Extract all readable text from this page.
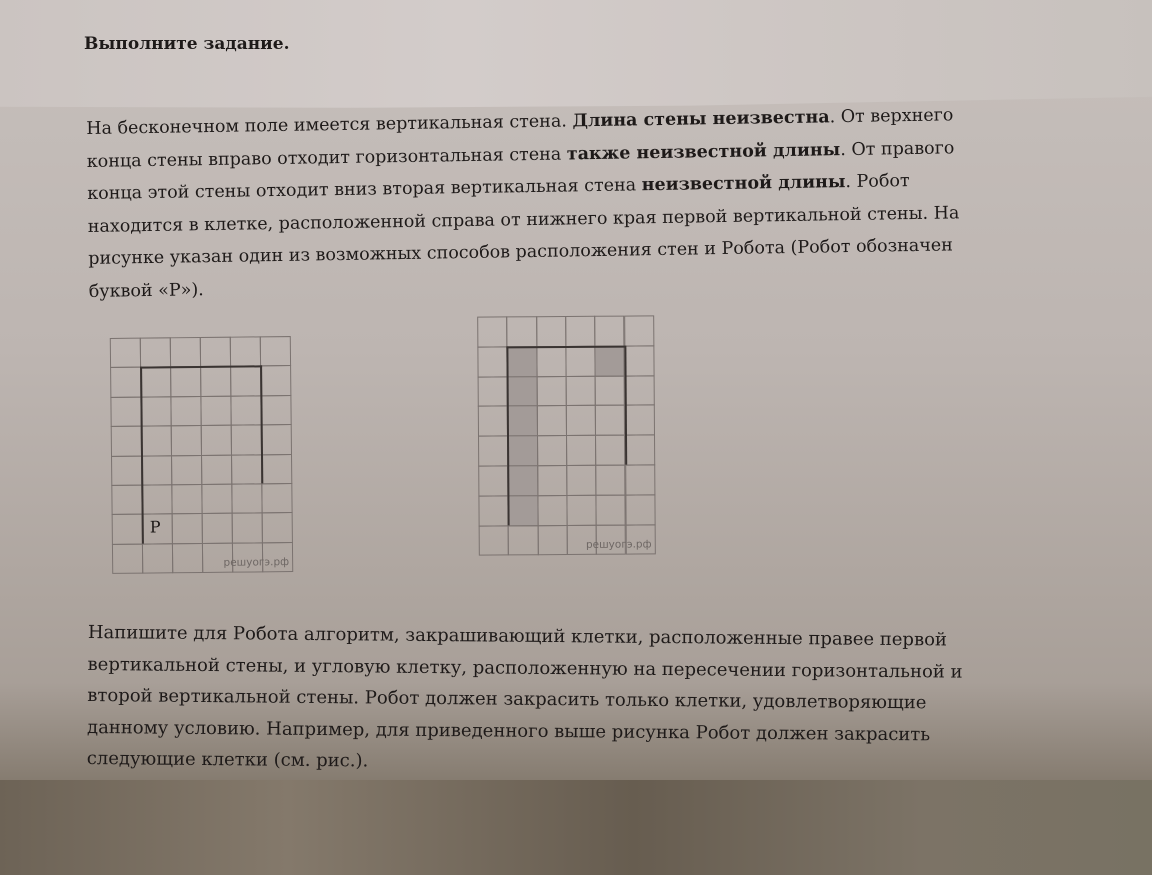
Выполните задание.
На бесконечном поле имеется вертикальная стена. Длина стены неизвестна. От верхнего
конца стены вправо отходит горизонтальная стена также неизвестной длины. От правого
конца этой стены отходит вниз вторая вертикальная стена неизвестной длины. Робот
находится в клетке, расположенной справа от нижнего края первой вертикальной стены. На
рисунке указан один из возможных способов расположения стен и Робота (Робот обозначен
буквой «Р»).
Р
решуогэ.рф
решуогэ.рф
Напишите для Робота алгоритм, закрашивающий клетки, расположенные правее первой
вертикальной стены, и угловую клетку, расположенную на пересечении горизонтальной и
второй вертикальной стены. Робот должен закрасить только клетки, удовлетворяющие
данному условию. Например, для приведенного выше рисунка Робот должен закрасить
следующие клетки (см. рис.).
